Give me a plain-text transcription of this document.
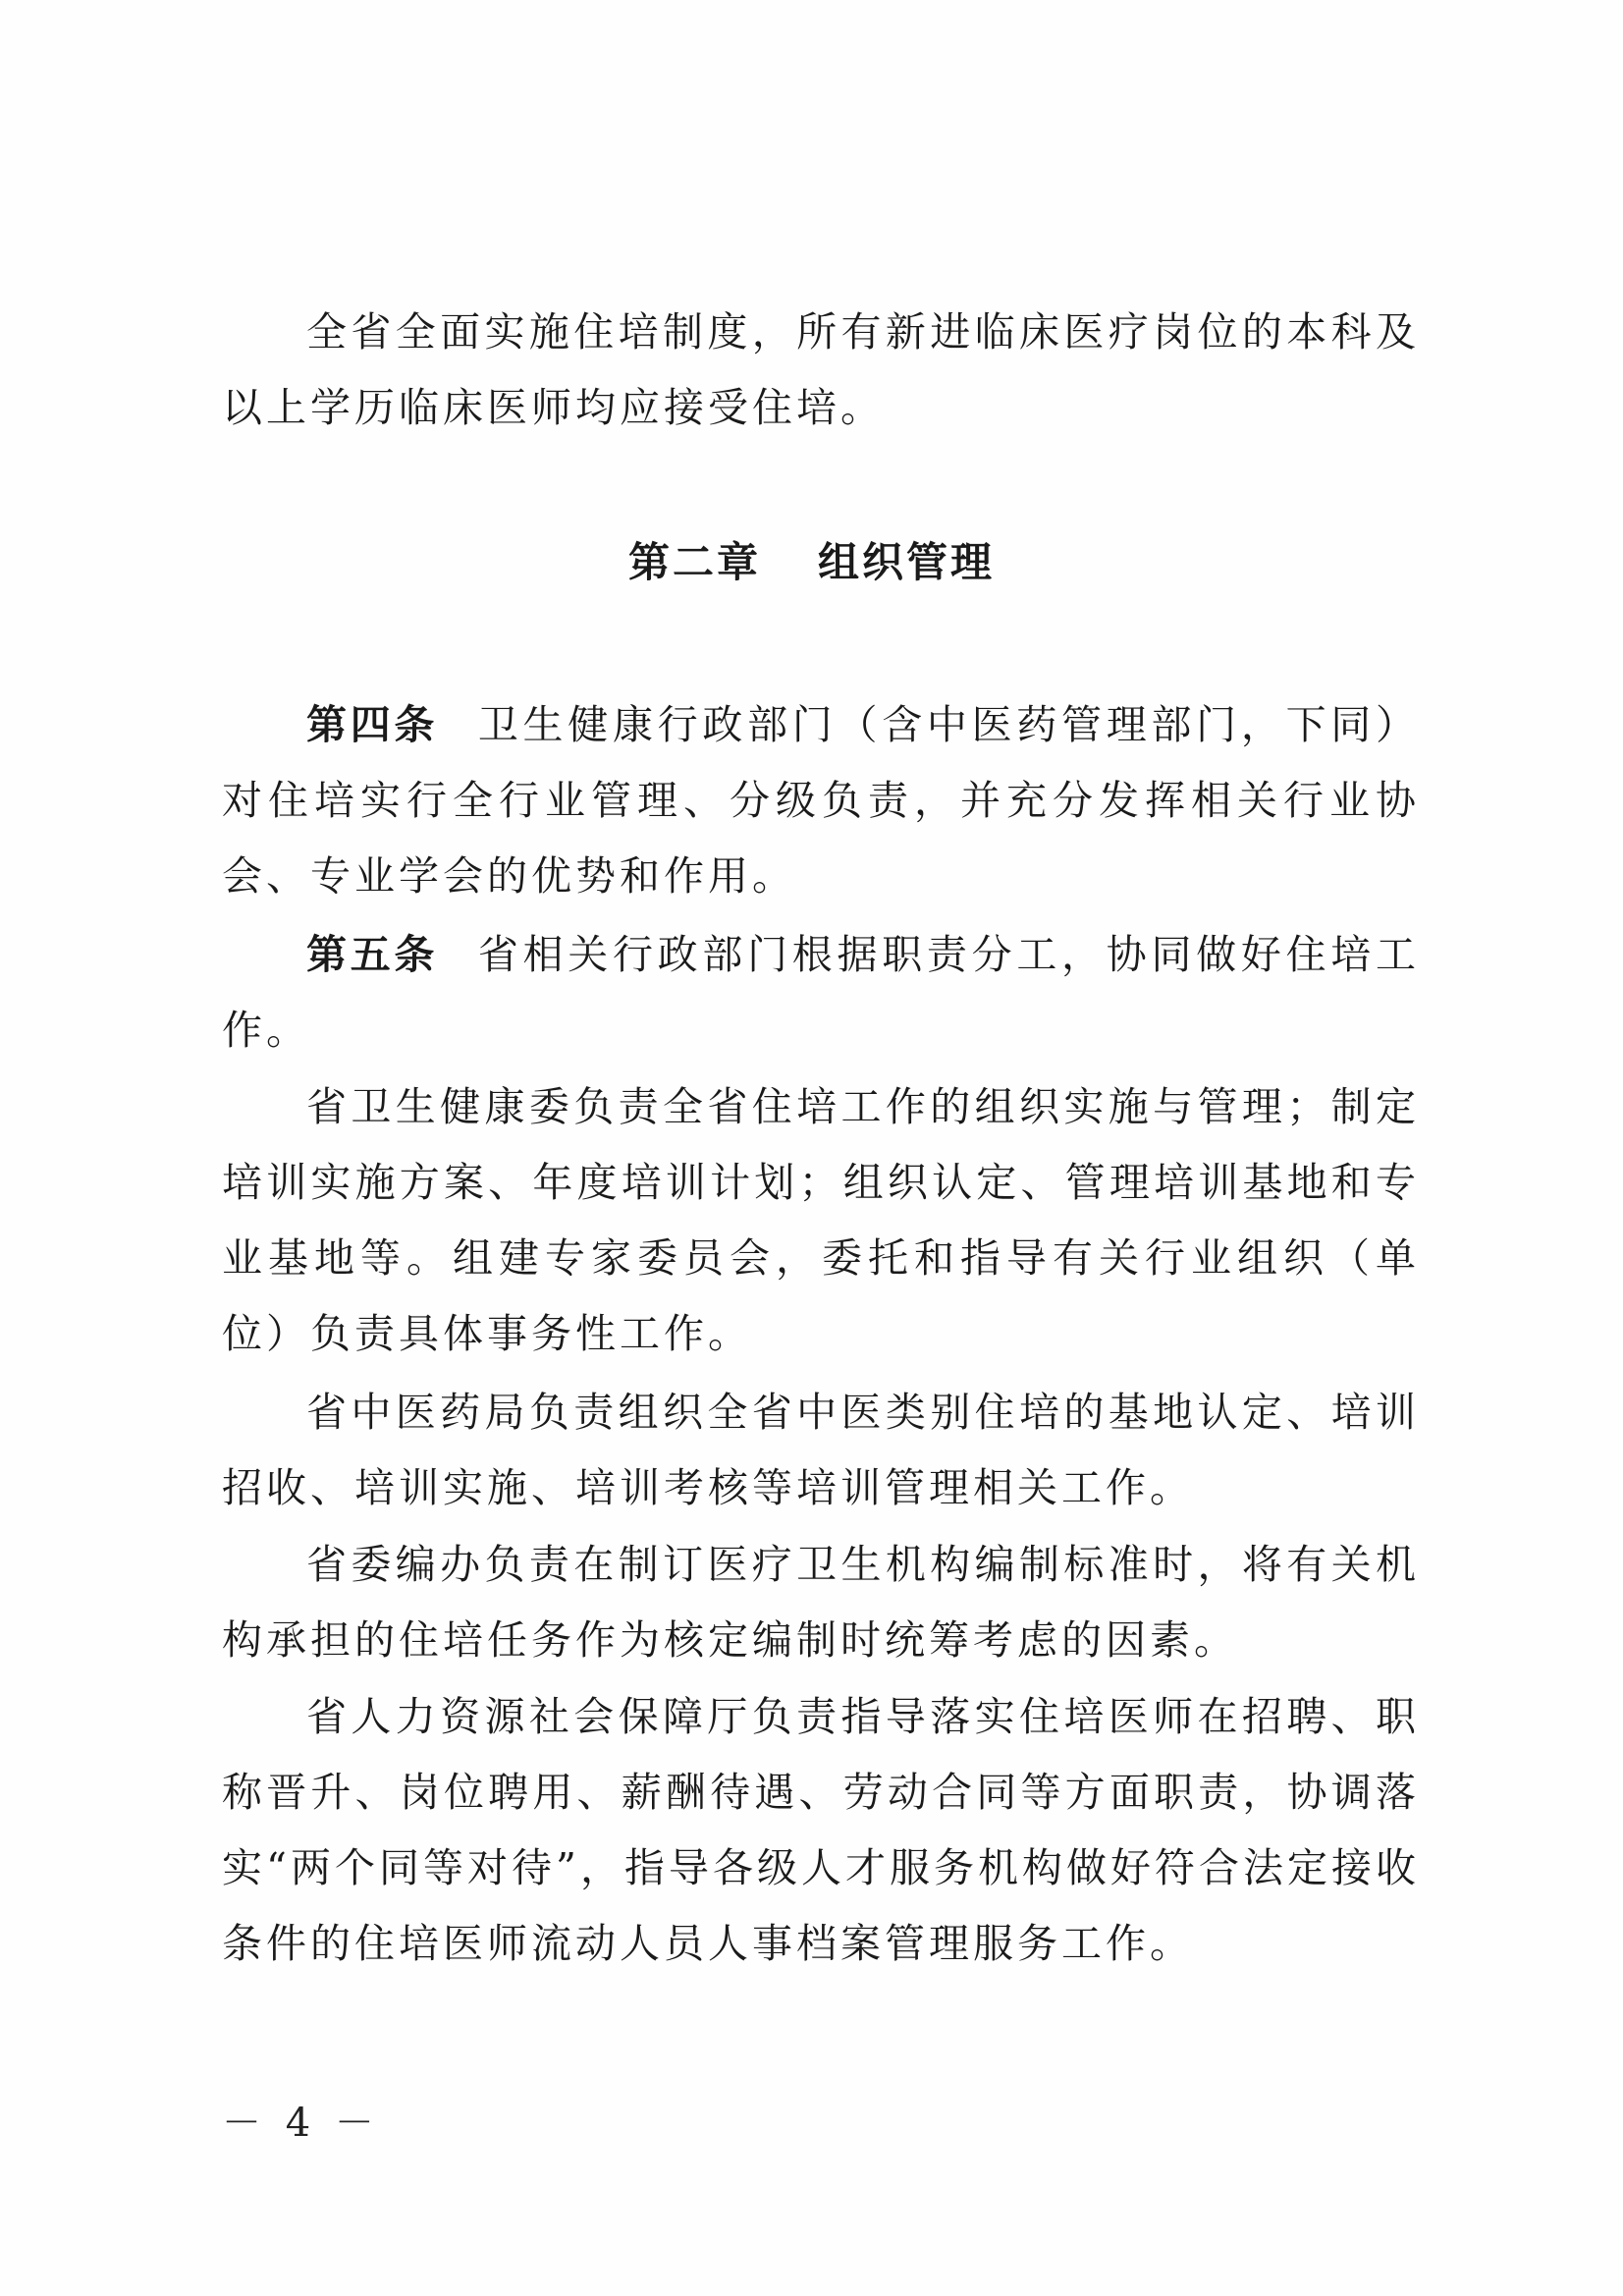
全省全面实施住培制度，所有新进临床医疗岗位的本科及以上学历临床医师均应接受住培。
第二章 组织管理
第四条 卫生健康行政部门（含中医药管理部门，下同）对住培实行全行业管理、分级负责，并充分发挥相关行业协会、专业学会的优势和作用。
第五条 省相关行政部门根据职责分工，协同做好住培工作。
省卫生健康委负责全省住培工作的组织实施与管理；制定培训实施方案、年度培训计划；组织认定、管理培训基地和专业基地等。组建专家委员会，委托和指导有关行业组织（单位）负责具体事务性工作。
省中医药局负责组织全省中医类别住培的基地认定、培训招收、培训实施、培训考核等培训管理相关工作。
省委编办负责在制订医疗卫生机构编制标准时，将有关机构承担的住培任务作为核定编制时统筹考虑的因素。
省人力资源社会保障厅负责指导落实住培医师在招聘、职称晋升、岗位聘用、薪酬待遇、劳动合同等方面职责，协调落实“两个同等对待”，指导各级人才服务机构做好符合法定接收条件的住培医师流动人员人事档案管理服务工作。
－ 4 －
